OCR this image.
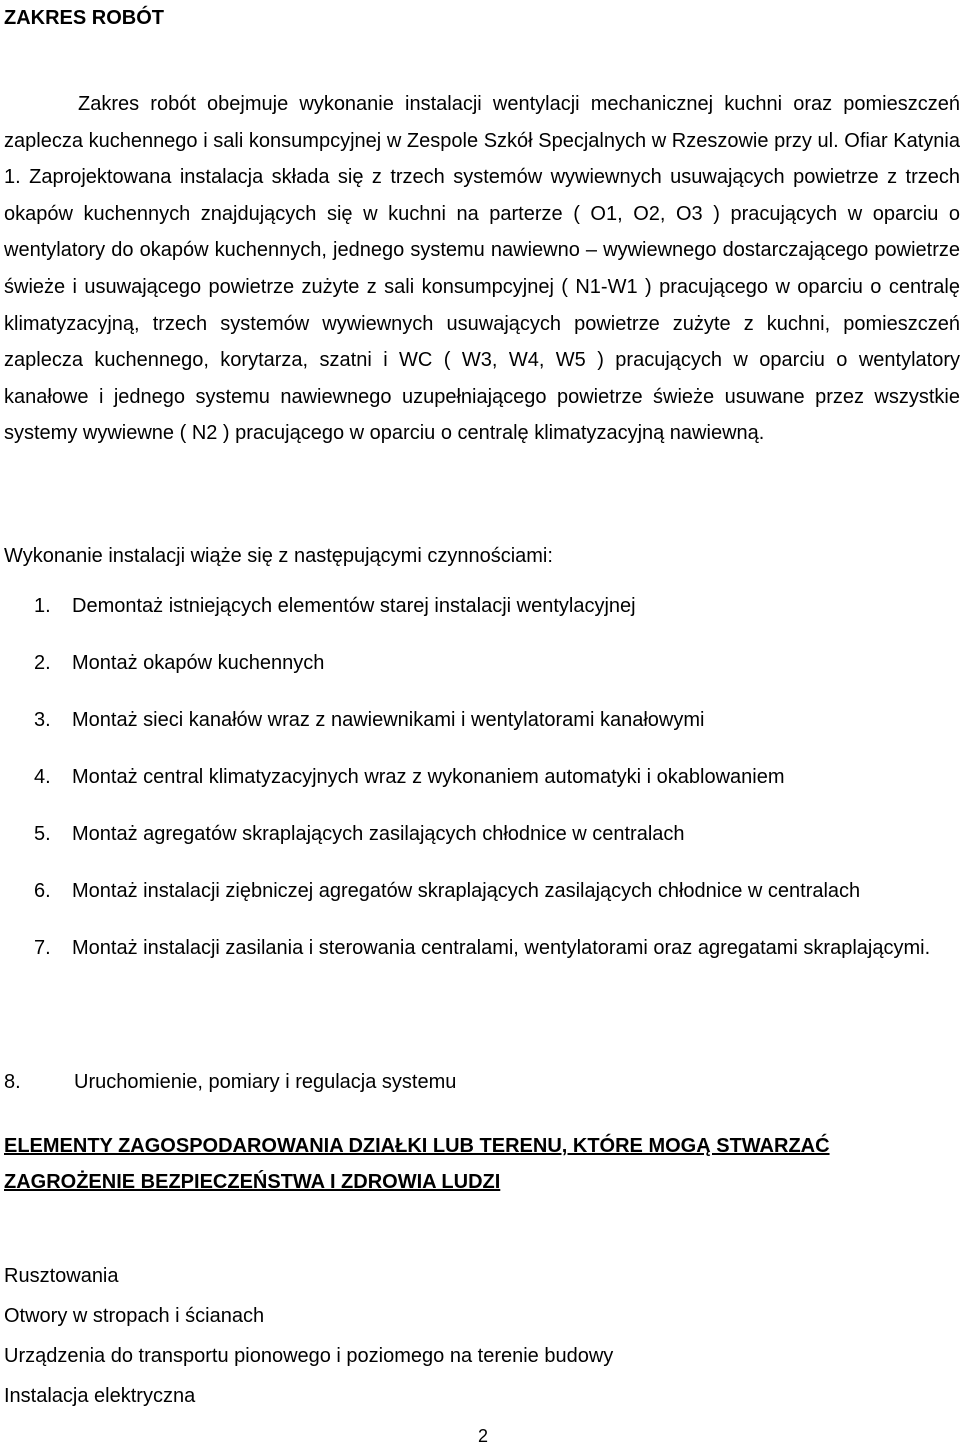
ZAKRES ROBÓT

Zakres robót obejmuje wykonanie instalacji wentylacji mechanicznej kuchni oraz pomieszczeń zaplecza kuchennego i sali konsumpcyjnej w Zespole Szkół Specjalnych w Rzeszowie przy ul. Ofiar Katynia 1. Zaprojektowana instalacja składa się z trzech systemów wywiewnych usuwających powietrze z trzech okapów kuchennych znajdujących się w kuchni na parterze ( O1, O2, O3 ) pracujących w oparciu o wentylatory do okapów kuchennych, jednego systemu nawiewno – wywiewnego dostarczającego powietrze świeże i usuwającego powietrze zużyte z sali konsumpcyjnej ( N1-W1 ) pracującego w oparciu o centralę klimatyzacyjną, trzech systemów wywiewnych usuwających powietrze zużyte z kuchni, pomieszczeń zaplecza kuchennego, korytarza, szatni i WC ( W3, W4, W5 ) pracujących w oparciu o wentylatory kanałowe i jednego systemu nawiewnego uzupełniającego powietrze świeże usuwane przez wszystkie systemy wywiewne ( N2 ) pracującego w oparciu o centralę klimatyzacyjną nawiewną.

Wykonanie instalacji wiąże się z następującymi czynnościami:

1. Demontaż istniejących elementów starej instalacji wentylacyjnej
2. Montaż okapów kuchennych
3. Montaż sieci kanałów wraz z nawiewnikami i wentylatorami kanałowymi
4. Montaż central klimatyzacyjnych wraz z wykonaniem automatyki i okablowaniem
5. Montaż agregatów skraplających zasilających chłodnice w centralach
6. Montaż instalacji ziębniczej agregatów skraplających zasilających chłodnice w centralach
7. Montaż instalacji zasilania i sterowania centralami, wentylatorami oraz agregatami skraplającymi.
8.	Uruchomienie, pomiary i regulacja systemu
ELEMENTY ZAGOSPODAROWANIA DZIAŁKI LUB TERENU, KTÓRE MOGĄ STWARZAĆ
ZAGROŻENIE BEZPIECZEŃSTWA I ZDROWIA LUDZI
Rusztowania
Otwory w stropach i ścianach
Urządzenia do transportu pionowego i poziomego na terenie budowy
Instalacja elektryczna
2
